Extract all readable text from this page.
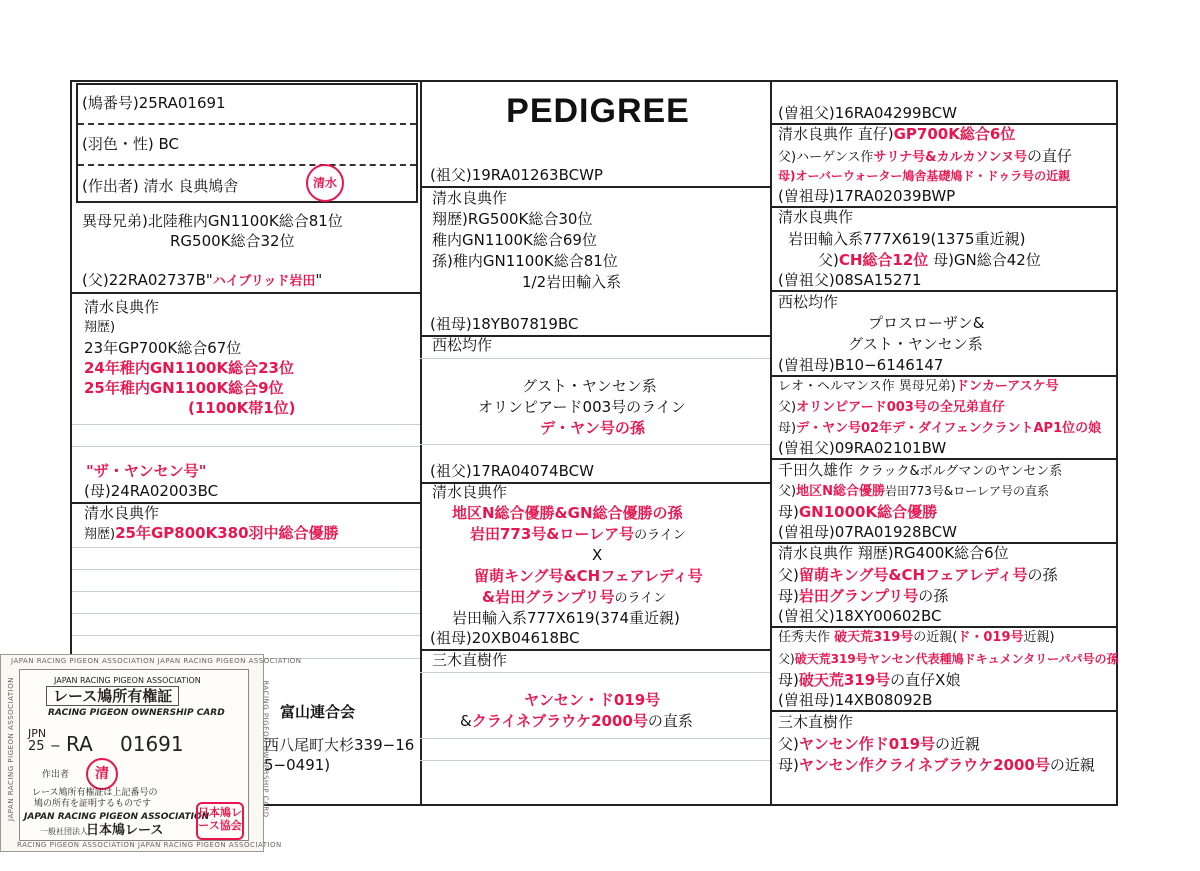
PEDIGREE
(鳩番号)25RA01691
(羽色・性) BC
(作出者) 清水 良典鳩舎	清水
異母兄弟)北陸稚内GN1100K総合81位
RG500K総合32位
(父)22RA02737B"ハイブリッド岩田"
清水良典作
翔歴)
23年GP700K総合67位
24年稚内GN1100K総合23位
25年稚内GN1100K総合9位
(1100K帯1位)
"ザ・ヤンセン号"
(母)24RA02003BC
清水良典作
翔歴)25年GP800K380羽中総合優勝
富山連合会
西八尾町大杉339−16
5−0491)
(祖父)19RA01263BCWP
清水良典作
翔歴)RG500K総合30位
稚内GN1100K総合69位
孫)稚内GN1100K総合81位
1/2岩田輸入系
(祖母)18YB07819BC
西松均作
グスト・ヤンセン系
オリンピアード003号のライン
デ・ヤン号の孫
(祖父)17RA04074BCW
清水良典作
地区N総合優勝&GN総合優勝の孫
岩田773号&ローレア号のライン
X
留萌キング号&CHフェアレディ号
&岩田グランプリ号のライン
岩田輸入系777X619(374重近親)
(祖母)20XB04618BC
三木直樹作
ヤンセン・ド019号
&クライネブラウケ2000号の直系
(曽祖父)16RA04299BCW
清水良典作 直仔)GP700K総合6位
父)ハーゲンス作サリナ号&カルカソンヌ号の直仔
母)オーバーウォーター鳩舎基礎鳩ド・ドゥラ号の近親
(曽祖母)17RA02039BWP
清水良典作
岩田輸入系777X619(1375重近親)
父)CH総合12位 母)GN総合42位
(曽祖父)08SA15271
西松均作
プロスローザン&
グスト・ヤンセン系
(曽祖母)B10−6146147
レオ・ヘルマンス作 異母兄弟)ドンカーアスケ号
父)オリンピアード003号の全兄弟直仔
母)デ・ヤン号02年デ・ダイフェンクラントAP1位の娘
(曽祖父)09RA02101BW
千田久雄作 クラック&ボルグマンのヤンセン系
父)地区N総合優勝岩田773号&ローレア号の直系
母)GN1000K総合優勝
(曽祖母)07RA01928BCW
清水良典作 翔歴)RG400K総合6位
父)留萌キング号&CHフェアレディ号の孫
母)岩田グランプリ号の孫
(曽祖父)18XY00602BC
任秀夫作 破天荒319号の近親(ド・019号近親)
父)破天荒319号ヤンセン代表種鳩ドキュメンタリーパパ号の孫
母)破天荒319号の直仔X娘
(曽祖母)14XB08092B
三木直樹作
父)ヤンセン作ド019号の近親
母)ヤンセン作クライネブラウケ2000号の近親
JAPAN RACING PIGEON ASSOCIATION JAPAN RACING PIGEON ASSOCIATION
RACING PIGEON ASSOCIATION JAPAN RACING PIGEON ASSOCIATION
JAPAN RACING PIGEON ASSOCIATION	RACING PIGEON OWNERSHIP CARD
JAPAN RACING PIGEON ASSOCIATION
レース鳩所有権証
RACING PIGEON OWNERSHIP CARD
JPN
25 − RA 01691
作出者	清
レース鳩所有権証は上記番号の
鳩の所有を証明するものです
JAPAN RACING PIGEON ASSOCIATION
一般社団法人
日本鳩レース
日本鳩レース協会
